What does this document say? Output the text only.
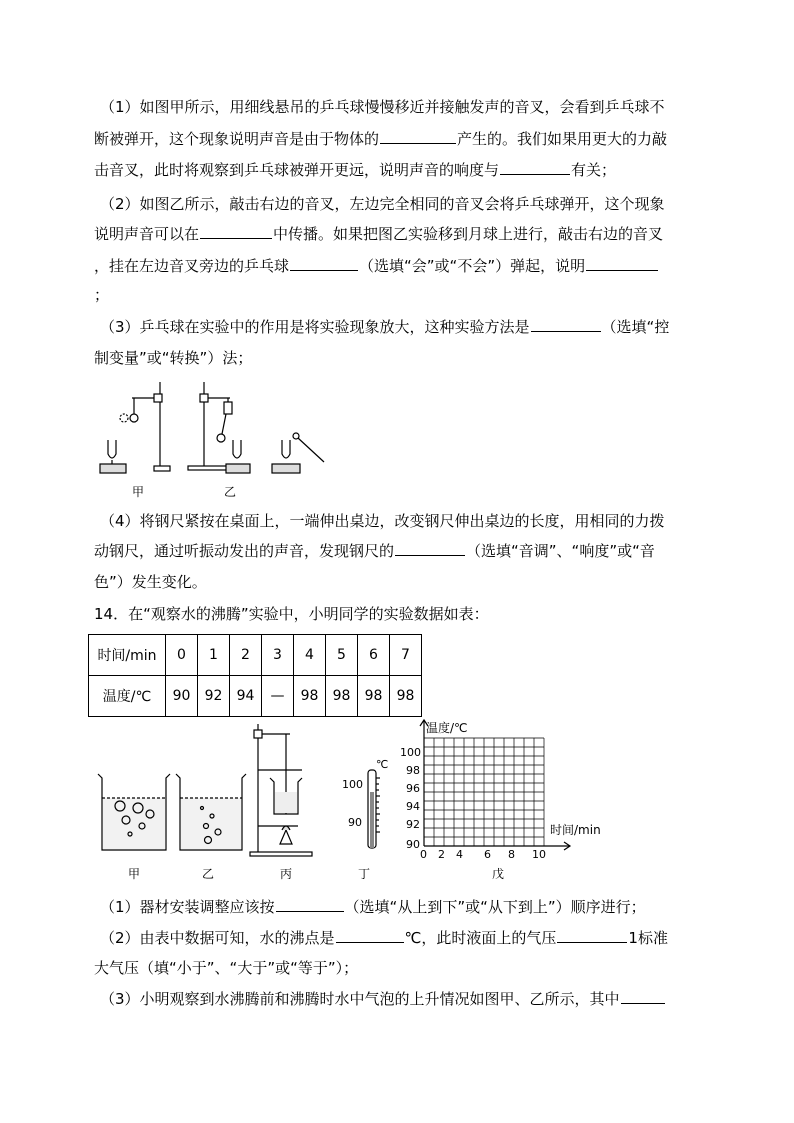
（1）如图甲所示，用细线悬吊的乒乓球慢慢移近并接触发声的音叉，会看到乒乓球不
断被弹开，这个现象说明声音是由于物体的	产生的。我们如果用更大的力敲
击音叉，此时将观察到乒乓球被弹开更远，说明声音的响度与	有关；
（2）如图乙所示，敲击右边的音叉，左边完全相同的音叉会将乒乓球弹开，这个现象
说明声音可以在	中传播。如果把图乙实验移到月球上进行，敲击右边的音叉
，挂在左边音叉旁边的乒乓球	（选填“会”或“不会”）弹起，说明
；
（3）乒乓球在实验中的作用是将实验现象放大，这种实验方法是	（选填“控
制变量”或“转换”）法；
甲	乙
（4）将钢尺紧按在桌面上，一端伸出桌边，改变钢尺伸出桌边的长度，用相同的力拨
动钢尺，通过听振动发出的声音，发现钢尺的	（选填“音调”、“响度”或“音
色”）发生变化。
14．在“观察水的沸腾”实验中，小明同学的实验数据如表：
时间/min	0	1	2	3	4	5	6	7
温度/℃	90	92	94	—	98	98	98	98
℃
100
90
温度/℃
时间/min
100
98
96
94
92
90
0 2 4 6 8 10
甲	乙	丙	丁	戊
（1）器材安装调整应该按	（选填“从上到下”或“从下到上”）顺序进行；
（2）由表中数据可知，水的沸点是	℃，此时液面上的气压	1标准
大气压（填“小于”、“大于”或“等于”）；
（3）小明观察到水沸腾前和沸腾时水中气泡的上升情况如图甲、乙所示，其中
